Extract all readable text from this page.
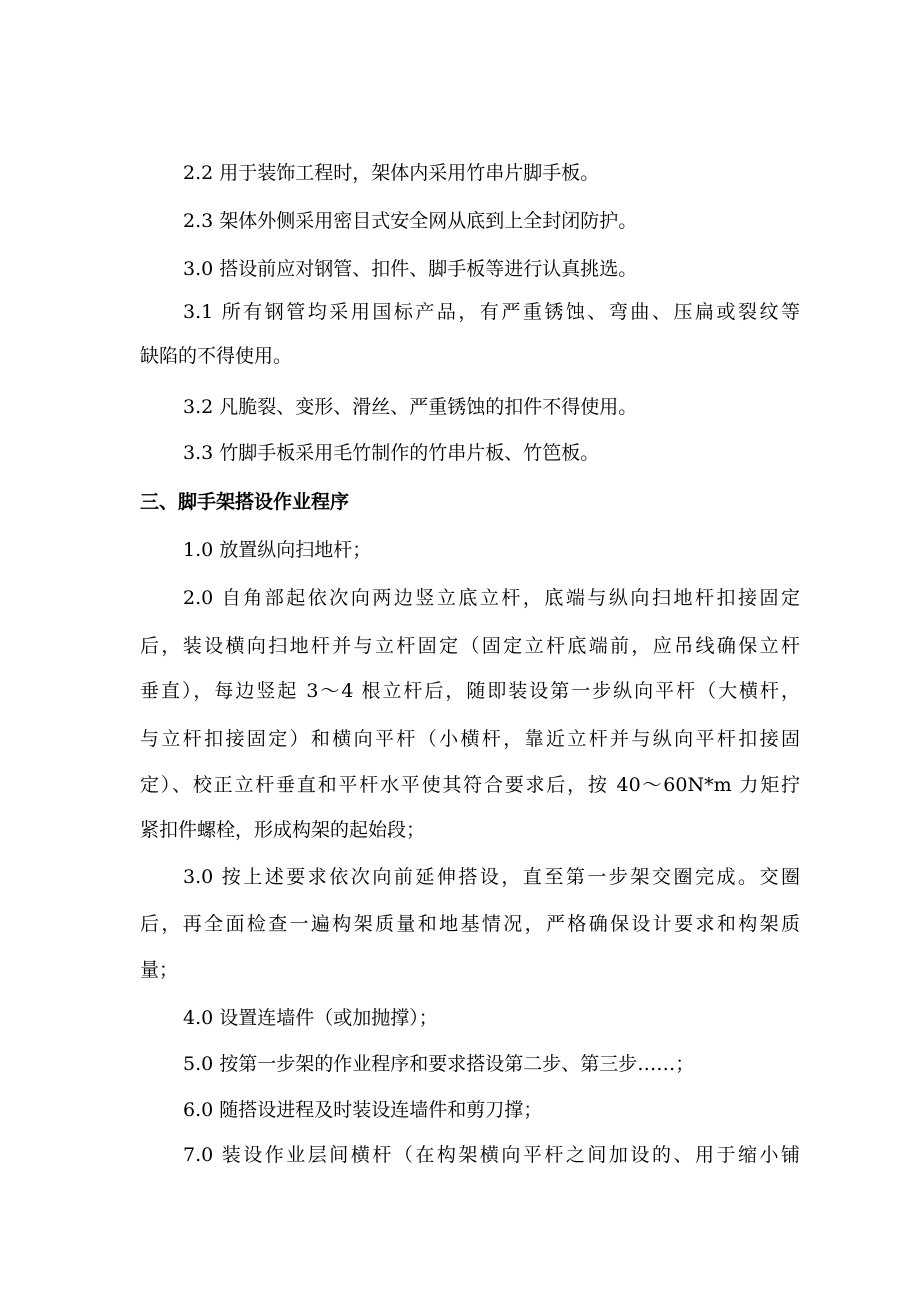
2.2 用于装饰工程时，架体内采用竹串片脚手板。
2.3 架体外侧采用密目式安全网从底到上全封闭防护。
3.0 搭设前应对钢管、扣件、脚手板等进行认真挑选。
3.1 所有钢管均采用国标产品，有严重锈蚀、弯曲、压扁或裂纹等
缺陷的不得使用。
3.2 凡脆裂、变形、滑丝、严重锈蚀的扣件不得使用。
3.3 竹脚手板采用毛竹制作的竹串片板、竹笆板。
三、脚手架搭设作业程序
1.0 放置纵向扫地杆；
2.0 自角部起依次向两边竖立底立杆，底端与纵向扫地杆扣接固定
后，装设横向扫地杆并与立杆固定（固定立杆底端前，应吊线确保立杆
垂直），每边竖起 3～4 根立杆后，随即装设第一步纵向平杆（大横杆，
与立杆扣接固定）和横向平杆（小横杆，靠近立杆并与纵向平杆扣接固
定）、校正立杆垂直和平杆水平使其符合要求后，按 40～60N*m 力矩拧
紧扣件螺栓，形成构架的起始段；
3.0 按上述要求依次向前延伸搭设，直至第一步架交圈完成。交圈
后，再全面检查一遍构架质量和地基情况，严格确保设计要求和构架质
量；
4.0 设置连墙件（或加抛撑）；
5.0 按第一步架的作业程序和要求搭设第二步、第三步……；
6.0 随搭设进程及时装设连墙件和剪刀撑；
7.0 装设作业层间横杆（在构架横向平杆之间加设的、用于缩小铺
